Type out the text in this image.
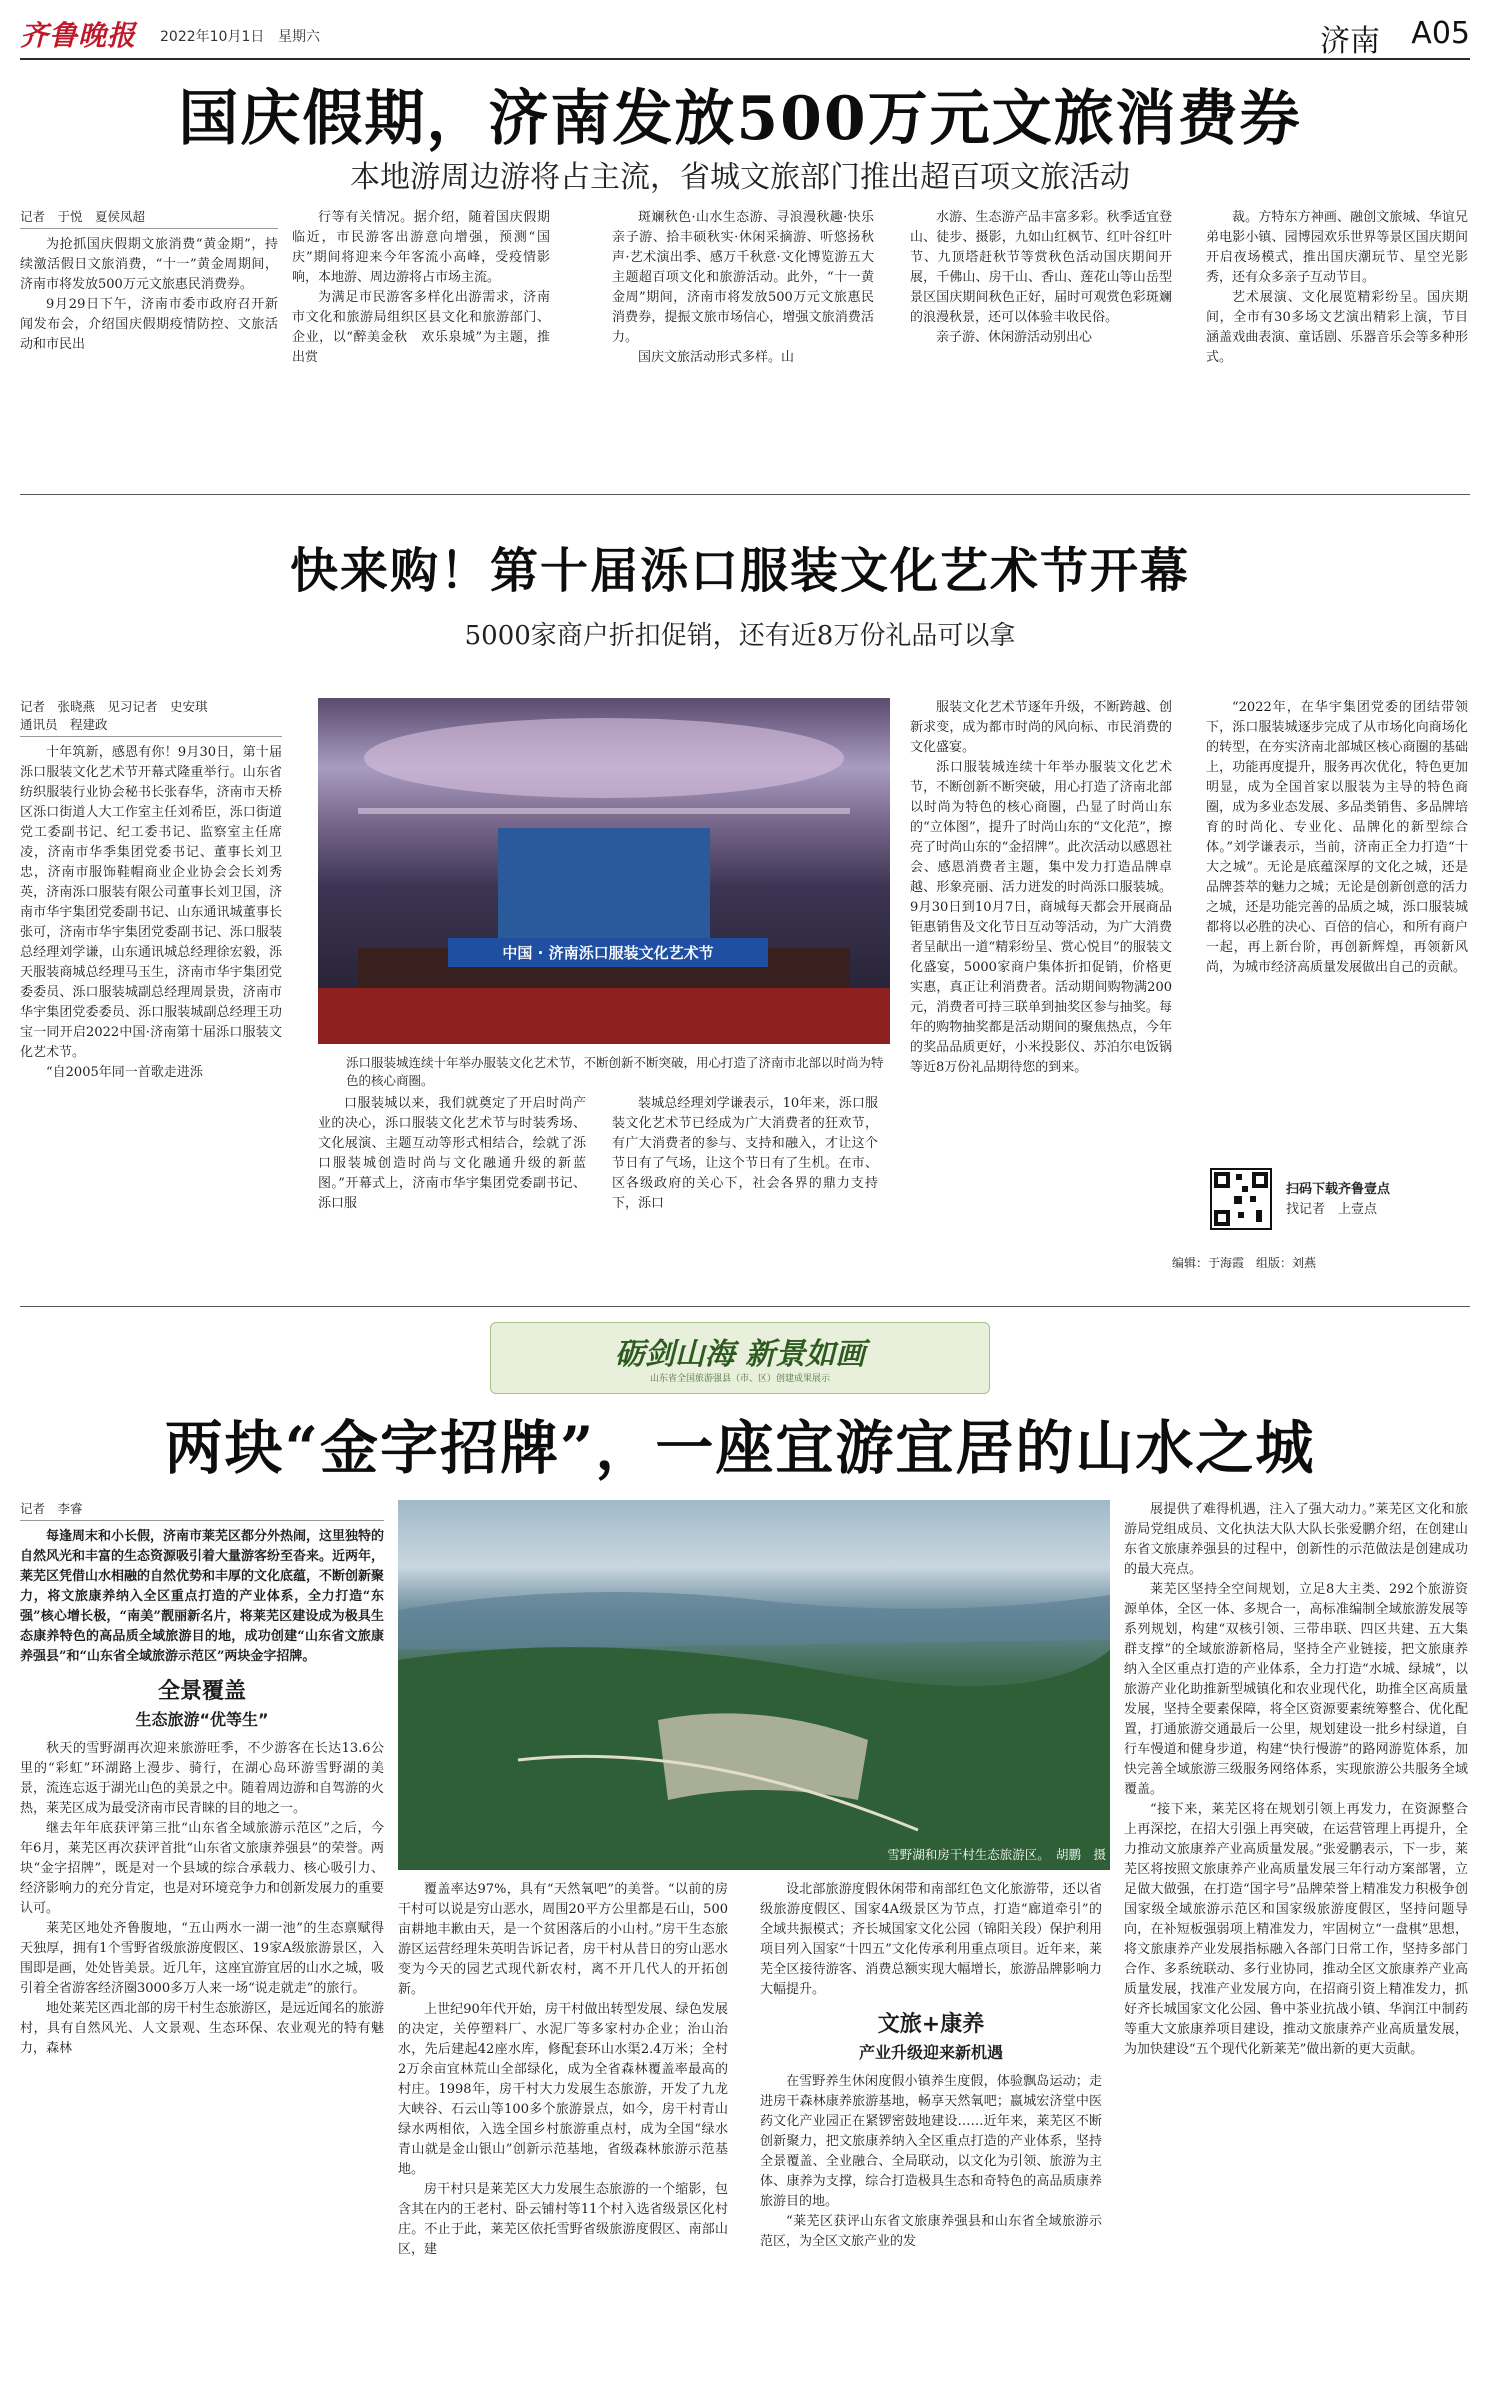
齐鲁晚报 2022年10月1日 星期六	济南 A05
国庆假期，济南发放500万元文旅消费券
本地游周边游将占主流，省城文旅部门推出超百项文旅活动
记者　于悦　夏侯凤超

为抢抓国庆假期文旅消费“黄金期”，持续激活假日文旅消费，“十一”黄金周期间，济南市将发放500万元文旅惠民消费券。

9月29日下午，济南市委市政府召开新闻发布会，介绍国庆假期疫情防控、文旅活动和市民出

行等有关情况。据介绍，随着国庆假期临近，市民游客出游意向增强，预测“国庆”期间将迎来今年客流小高峰，受疫情影响，本地游、周边游将占市场主流。

为满足市民游客多样化出游需求，济南市文化和旅游局组织区县文化和旅游部门、企业，以“醉美金秋　欢乐泉城”为主题，推出赏

斑斓秋色·山水生态游、寻浪漫秋趣·快乐亲子游、拾丰硕秋实·休闲采摘游、听悠扬秋声·艺术演出季、感万千秋意·文化博览游五大主题超百项文化和旅游活动。此外，“十一黄金周”期间，济南市将发放500万元文旅惠民消费券，提振文旅市场信心，增强文旅消费活力。

国庆文旅活动形式多样。山

水游、生态游产品丰富多彩。秋季适宜登山、徒步、摄影，九如山红枫节、红叶谷红叶节、九顶塔赶秋节等赏秋色活动国庆期间开展，千佛山、房干山、香山、莲花山等山岳型景区国庆期间秋色正好，届时可观赏色彩斑斓的浪漫秋景，还可以体验丰收民俗。

亲子游、休闲游活动别出心

裁。方特东方神画、融创文旅城、华谊兄弟电影小镇、园博园欢乐世界等景区国庆期间开启夜场模式，推出国庆潮玩节、星空光影秀，还有众多亲子互动节目。

艺术展演、文化展览精彩纷呈。国庆期间，全市有30多场文艺演出精彩上演，节目涵盖戏曲表演、童话剧、乐器音乐会等多种形式。

快来购！第十届泺口服装文化艺术节开幕
5000家商户折扣促销，还有近8万份礼品可以拿
记者　张晓燕　见习记者　史安琪
通讯员　程建政

十年筑新，感恩有你！9月30日，第十届泺口服装文化艺术节开幕式隆重举行。山东省纺织服装行业协会秘书长张春华，济南市天桥区泺口街道人大工作室主任刘希臣，泺口街道党工委副书记、纪工委书记、监察室主任席凌，济南市华季集团党委书记、董事长刘卫忠，济南市服饰鞋帽商业企业协会会长刘秀英，济南泺口服装有限公司董事长刘卫国，济南市华宇集团党委副书记、山东通讯城董事长张可，济南市华宇集团党委副书记、泺口服装总经理刘学谦，山东通讯城总经理徐宏毅，泺天服装商城总经理马玉生，济南市华宇集团党委委员、泺口服装城副总经理周景贵，济南市华宇集团党委委员、泺口服装城副总经理王功宝一同开启2022中国·济南第十届泺口服装文化艺术节。

“自2005年同一首歌走进泺

中国 · 济南泺口服装文化艺术节
泺口服装城连续十年举办服装文化艺术节，不断创新不断突破，用心打造了济南市北部以时尚为特色的核心商圈。

口服装城以来，我们就奠定了开启时尚产业的决心，泺口服装文化艺术节与时装秀场、文化展演、主题互动等形式相结合，绘就了泺口服装城创造时尚与文化融通升级的新蓝图。”开幕式上，济南市华宇集团党委副书记、泺口服

装城总经理刘学谦表示，10年来，泺口服装文化艺术节已经成为广大消费者的狂欢节，有广大消费者的参与、支持和融入，才让这个节日有了气场，让这个节日有了生机。在市、区各级政府的关心下，社会各界的鼎力支持下，泺口

服装文化艺术节逐年升级，不断跨越、创新求变，成为都市时尚的风向标、市民消费的文化盛宴。

泺口服装城连续十年举办服装文化艺术节，不断创新不断突破，用心打造了济南北部以时尚为特色的核心商圈，凸显了时尚山东的“立体图”，提升了时尚山东的“文化范”，擦亮了时尚山东的“金招牌”。此次活动以感恩社会、感恩消费者主题，集中发力打造品牌卓越、形象亮丽、活力迸发的时尚泺口服装城。9月30日到10月7日，商城每天都会开展商品钜惠销售及文化节日互动等活动，为广大消费者呈献出一道“精彩纷呈、赏心悦目”的服装文化盛宴，5000家商户集体折扣促销，价格更实惠，真正让利消费者。活动期间购物满200元，消费者可持三联单到抽奖区参与抽奖。每年的购物抽奖都是活动期间的聚焦热点，今年的奖品品质更好，小米投影仪、苏泊尔电饭锅等近8万份礼品期待您的到来。

“2022年，在华宇集团党委的团结带领下，泺口服装城逐步完成了从市场化向商场化的转型，在夯实济南北部城区核心商圈的基础上，功能再度提升，服务再次优化，特色更加明显，成为全国首家以服装为主导的特色商圈，成为多业态发展、多品类销售、多品牌培育的时尚化、专业化、品牌化的新型综合体。”刘学谦表示，当前，济南正全力打造“十大之城”。无论是底蕴深厚的文化之城，还是品牌荟萃的魅力之城；无论是创新创意的活力之城，还是功能完善的品质之城，泺口服装城都将以必胜的决心、百倍的信心，和所有商户一起，再上新台阶，再创新辉煌，再领新风尚，为城市经济高质量发展做出自己的贡献。

扫码下载齐鲁壹点
找记者　上壹点
编辑：于海霞　组版：刘燕
砺剑山海 新景如画
山东省全国旅游强县（市、区）创建成果展示
两块“金字招牌”，一座宜游宜居的山水之城
记者　李睿

每逢周末和小长假，济南市莱芜区都分外热闹，这里独特的自然风光和丰富的生态资源吸引着大量游客纷至沓来。近两年，莱芜区凭借山水相融的自然优势和丰厚的文化底蕴，不断创新聚力，将文旅康养纳入全区重点打造的产业体系，全力打造“东强”核心增长极，“南美”靓丽新名片，将莱芜区建设成为极具生态康养特色的高品质全域旅游目的地，成功创建“山东省文旅康养强县”和“山东省全域旅游示范区”两块金字招牌。

全景覆盖
生态旅游“优等生”

秋天的雪野湖再次迎来旅游旺季，不少游客在长达13.6公里的“彩虹”环湖路上漫步、骑行，在湖心岛环游雪野湖的美景，流连忘返于湖光山色的美景之中。随着周边游和自驾游的火热，莱芜区成为最受济南市民青睐的目的地之一。

继去年年底获评第三批“山东省全域旅游示范区”之后，今年6月，莱芜区再次获评首批“山东省文旅康养强县”的荣誉。两块“金字招牌”，既是对一个县域的综合承载力、核心吸引力、经济影响力的充分肯定，也是对环境竞争力和创新发展力的重要认可。

莱芜区地处齐鲁腹地，“五山两水一湖一池”的生态禀赋得天独厚，拥有1个雪野省级旅游度假区、19家A级旅游景区，入围即是画，处处皆美景。近几年，这座宜游宜居的山水之城，吸引着全省游客经济圈3000多万人来一场“说走就走”的旅行。

地处莱芜区西北部的房干村生态旅游区，是远近闻名的旅游村，具有自然风光、人文景观、生态环保、农业观光的特有魅力，森林

雪野湖和房干村生态旅游区。　胡鹏　摄

覆盖率达97%，具有“天然氧吧”的美誉。“以前的房干村可以说是穷山恶水，周围20平方公里都是石山，500亩耕地丰歉由天，是一个贫困落后的小山村。”房干生态旅游区运营经理朱英明告诉记者，房干村从昔日的穷山恶水变为今天的园艺式现代新农村，离不开几代人的开拓创新。

上世纪90年代开始，房干村做出转型发展、绿色发展的决定，关停塑料厂、水泥厂等多家村办企业；治山治水，先后建起42座水库，修配套环山水渠2.4万米；全村2万余亩宜林荒山全部绿化，成为全省森林覆盖率最高的村庄。1998年，房干村大力发展生态旅游，开发了九龙大峡谷、石云山等100多个旅游景点，如今，房干村青山绿水两相依，入选全国乡村旅游重点村，成为全国“绿水青山就是金山银山”创新示范基地，省级森林旅游示范基地。

房干村只是莱芜区大力发展生态旅游的一个缩影，包含其在内的王老村、卧云铺村等11个村入选省级景区化村庄。不止于此，莱芜区依托雪野省级旅游度假区、南部山区，建

设北部旅游度假休闲带和南部红色文化旅游带，还以省级旅游度假区、国家4A级景区为节点，打造“廊道牵引”的全域共振模式；齐长城国家文化公园（锦阳关段）保护利用项目列入国家“十四五”文化传承利用重点项目。近年来，莱芜全区接待游客、消费总额实现大幅增长，旅游品牌影响力大幅提升。

文旅+康养
产业升级迎来新机遇

在雪野养生休闲度假小镇养生度假，体验飘岛运动；走进房干森林康养旅游基地，畅享天然氧吧；嬴城宏济堂中医药文化产业园正在紧锣密鼓地建设……近年来，莱芜区不断创新聚力，把文旅康养纳入全区重点打造的产业体系，坚持全景覆盖、全业融合、全局联动，以文化为引领、旅游为主体、康养为支撑，综合打造极具生态和奇特色的高品质康养旅游目的地。

“莱芜区获评山东省文旅康养强县和山东省全域旅游示范区，为全区文旅产业的发

展提供了难得机遇，注入了强大动力。”莱芜区文化和旅游局党组成员、文化执法大队大队长张爱鹏介绍，在创建山东省文旅康养强县的过程中，创新性的示范做法是创建成功的最大亮点。

莱芜区坚持全空间规划，立足8大主类、292个旅游资源单体，全区一体、多规合一，高标准编制全域旅游发展等系列规划，构建“双核引领、三带串联、四区共建、五大集群支撑”的全域旅游新格局，坚持全产业链接，把文旅康养纳入全区重点打造的产业体系，全力打造“水城、绿城”，以旅游产业化助推新型城镇化和农业现代化，助推全区高质量发展，坚持全要素保障，将全区资源要素统筹整合、优化配置，打通旅游交通最后一公里，规划建设一批乡村绿道，自行车慢道和健身步道，构建“快行慢游”的路网游览体系，加快完善全域旅游三级服务网络体系，实现旅游公共服务全域覆盖。

“接下来，莱芜区将在规划引领上再发力，在资源整合上再深挖，在招大引强上再突破，在运营管理上再提升，全力推动文旅康养产业高质量发展。”张爱鹏表示，下一步，莱芜区将按照文旅康养产业高质量发展三年行动方案部署，立足做大做强，在打造“国字号”品牌荣誉上精准发力积极争创国家级全域旅游示范区和国家级旅游度假区，坚持问题导向，在补短板强弱项上精准发力，牢固树立“一盘棋”思想，将文旅康养产业发展指标融入各部门日常工作，坚持多部门合作、多系统联动、多行业协同，推动全区文旅康养产业高质量发展，找准产业发展方向，在招商引资上精准发力，抓好齐长城国家文化公园、鲁中茶业抗战小镇、华润江中制药等重大文旅康养项目建设，推动文旅康养产业高质量发展，为加快建设“五个现代化新莱芜”做出新的更大贡献。
